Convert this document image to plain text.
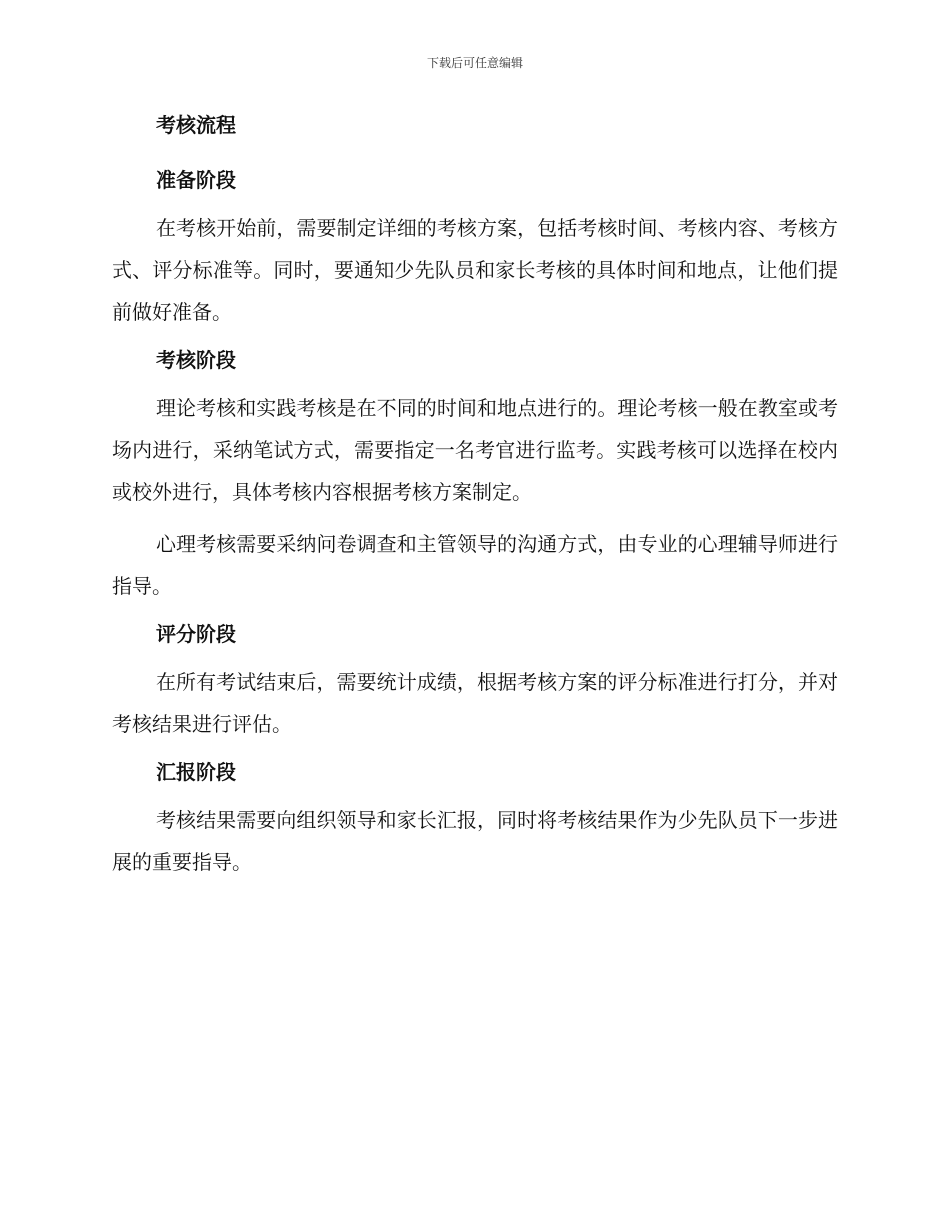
下载后可任意编辑
考核流程
准备阶段

在考核开始前，需要制定详细的考核方案，包括考核时间、考核内容、考核方式、评分标准等。同时，要通知少先队员和家长考核的具体时间和地点，让他们提前做好准备。

考核阶段

理论考核和实践考核是在不同的时间和地点进行的。理论考核一般在教室或考场内进行，采纳笔试方式，需要指定一名考官进行监考。实践考核可以选择在校内或校外进行，具体考核内容根据考核方案制定。

心理考核需要采纳问卷调查和主管领导的沟通方式，由专业的心理辅导师进行指导。

评分阶段

在所有考试结束后，需要统计成绩，根据考核方案的评分标准进行打分，并对考核结果进行评估。

汇报阶段

考核结果需要向组织领导和家长汇报，同时将考核结果作为少先队员下一步进展的重要指导。
